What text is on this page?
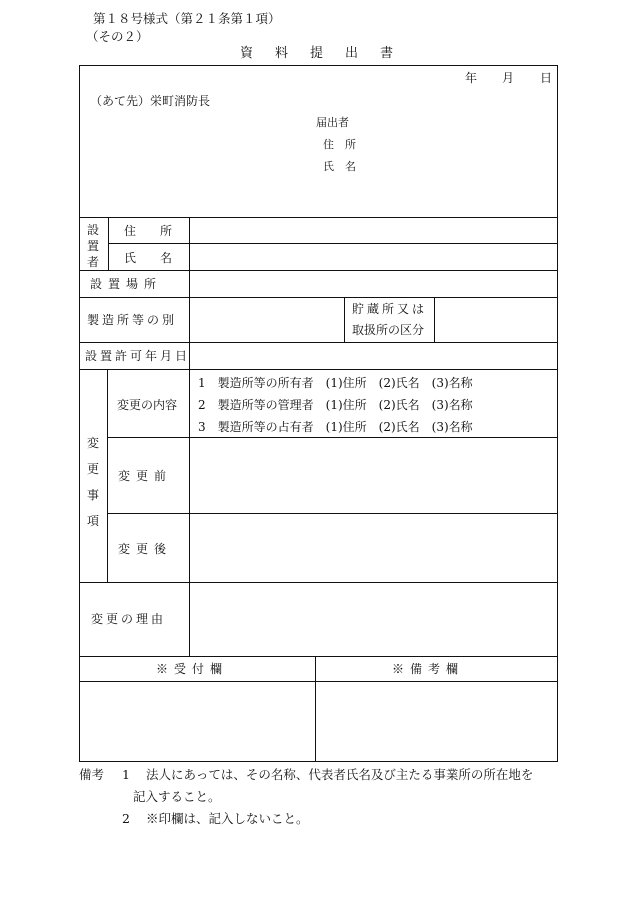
第１８号様式（第２１条第１項）
（その２）
資料提出書
年 月 日
（あて先）栄町消防長
届出者
住　所
氏　名
設置者
住　　所
氏　　名
設置場所
製造所等の別
貯蔵所又は
取扱所の区分
設置許可年月日
変更事項
変更の内容
1　製造所等の所有者　(1)住所　(2)氏名　(3)名称
2　製造所等の管理者　(1)住所　(2)氏名　(3)名称
3　製造所等の占有者　(1)住所　(2)氏名　(3)名称
変更前
変更後
変更の理由
※受付欄	※備考欄
備考 1 法人にあっては、その名称、代表者氏名及び主たる事業所の所在地を
記入すること。
2 ※印欄は、記入しないこと。
